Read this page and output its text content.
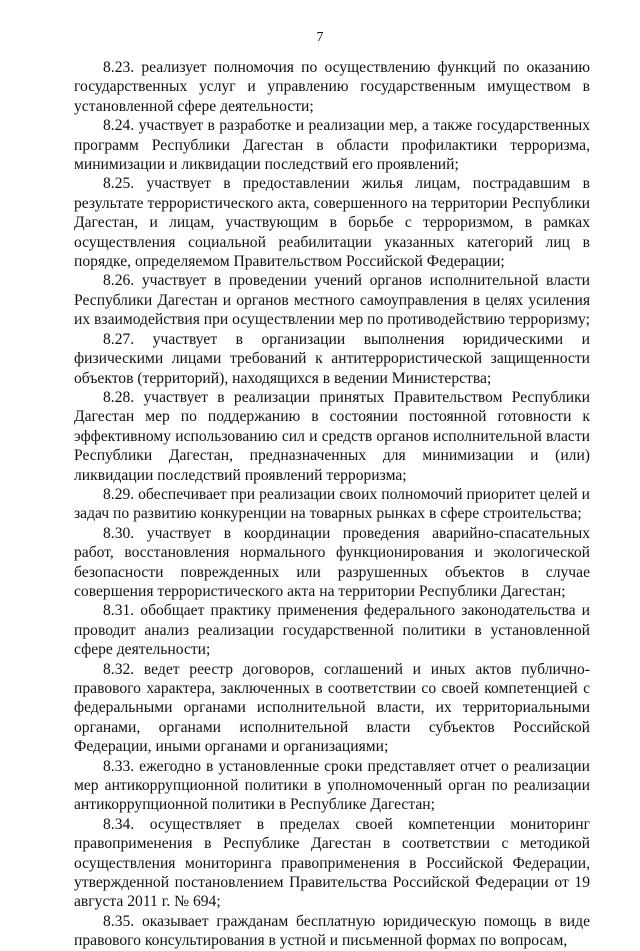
7

8.23. реализует полномочия по осуществлению функций по оказанию государственных услуг и управлению государственным имуществом в установленной сфере деятельности;

8.24. участвует в разработке и реализации мер, а также государственных программ Республики Дагестан в области профилактики терроризма, минимизации и ликвидации последствий его проявлений;

8.25. участвует в предоставлении жилья лицам, пострадавшим в результате террористического акта, совершенного на территории Республики Дагестан, и лицам, участвующим в борьбе с терроризмом, в рамках осуществления социальной реабилитации указанных категорий лиц в порядке, определяемом Правительством Российской Федерации;

8.26. участвует в проведении учений органов исполнительной власти Республики Дагестан и органов местного самоуправления в целях усиления их взаимодействия при осуществлении мер по противодействию терроризму;

8.27. участвует в организации выполнения юридическими и физическими лицами требований к антитеррористической защищенности объектов (территорий), находящихся в ведении Министерства;

8.28. участвует в реализации принятых Правительством Республики Дагестан мер по поддержанию в состоянии постоянной готовности к эффективному использованию сил и средств органов исполнительной власти Республики Дагестан, предназначенных для минимизации и (или) ликвидации последствий проявлений терроризма;

8.29. обеспечивает при реализации своих полномочий приоритет целей и задач по развитию конкуренции на товарных рынках в сфере строительства;

8.30. участвует в координации проведения аварийно-спасательных работ, восстановления нормального функционирования и экологической безопасности поврежденных или разрушенных объектов в случае совершения террористического акта на территории Республики Дагестан;

8.31. обобщает практику применения федерального законодательства и проводит анализ реализации государственной политики в установленной сфере деятельности;

8.32. ведет реестр договоров, соглашений и иных актов публично-правового характера, заключенных в соответствии со своей компетенцией с федеральными органами исполнительной власти, их территориальными органами, органами исполнительной власти субъектов Российской Федерации, иными органами и организациями;

8.33. ежегодно в установленные сроки представляет отчет о реализации мер антикоррупционной политики в уполномоченный орган по реализации антикоррупционной политики в Республике Дагестан;

8.34. осуществляет в пределах своей компетенции мониторинг правоприменения в Республике Дагестан в соответствии с методикой осуществления мониторинга правоприменения в Российской Федерации, утвержденной постановлением Правительства Российской Федерации от 19 августа 2011 г. № 694;

8.35. оказывает гражданам бесплатную юридическую помощь в виде правового консультирования в устной и письменной формах по вопросам,
